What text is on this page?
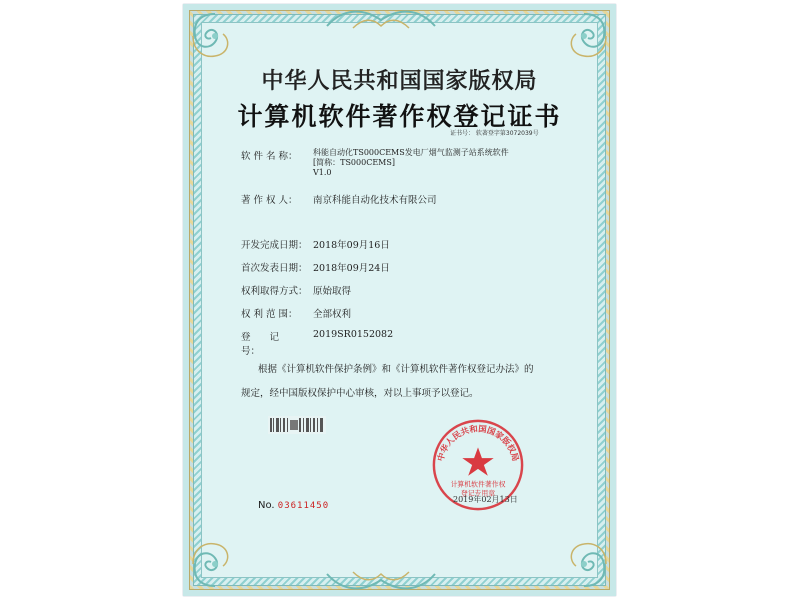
中华人民共和国国家版权局
计算机软件著作权登记证书
证书号： 软著登字第3072039号
软 件 名 称：	科能自动化TS000CEMS发电厂烟气监测子站系统软件
[简称：TS000CEMS]
V1.0
著 作 权 人： 南京科能自动化技术有限公司
开发完成日期： 2018年09月16日
首次发表日期： 2018年09月24日
权利取得方式： 原始取得
权 利 范 围： 全部权利
登　　记　　号：2019SR0152082
根据《计算机软件保护条例》和《计算机软件著作权登记办法》的
规定，经中国版权保护中心审核，对以上事项予以登记。
中华人民共和国国家版权局
计算机软件著作权
登记专用章
2019年02月13日
No. 03611450
